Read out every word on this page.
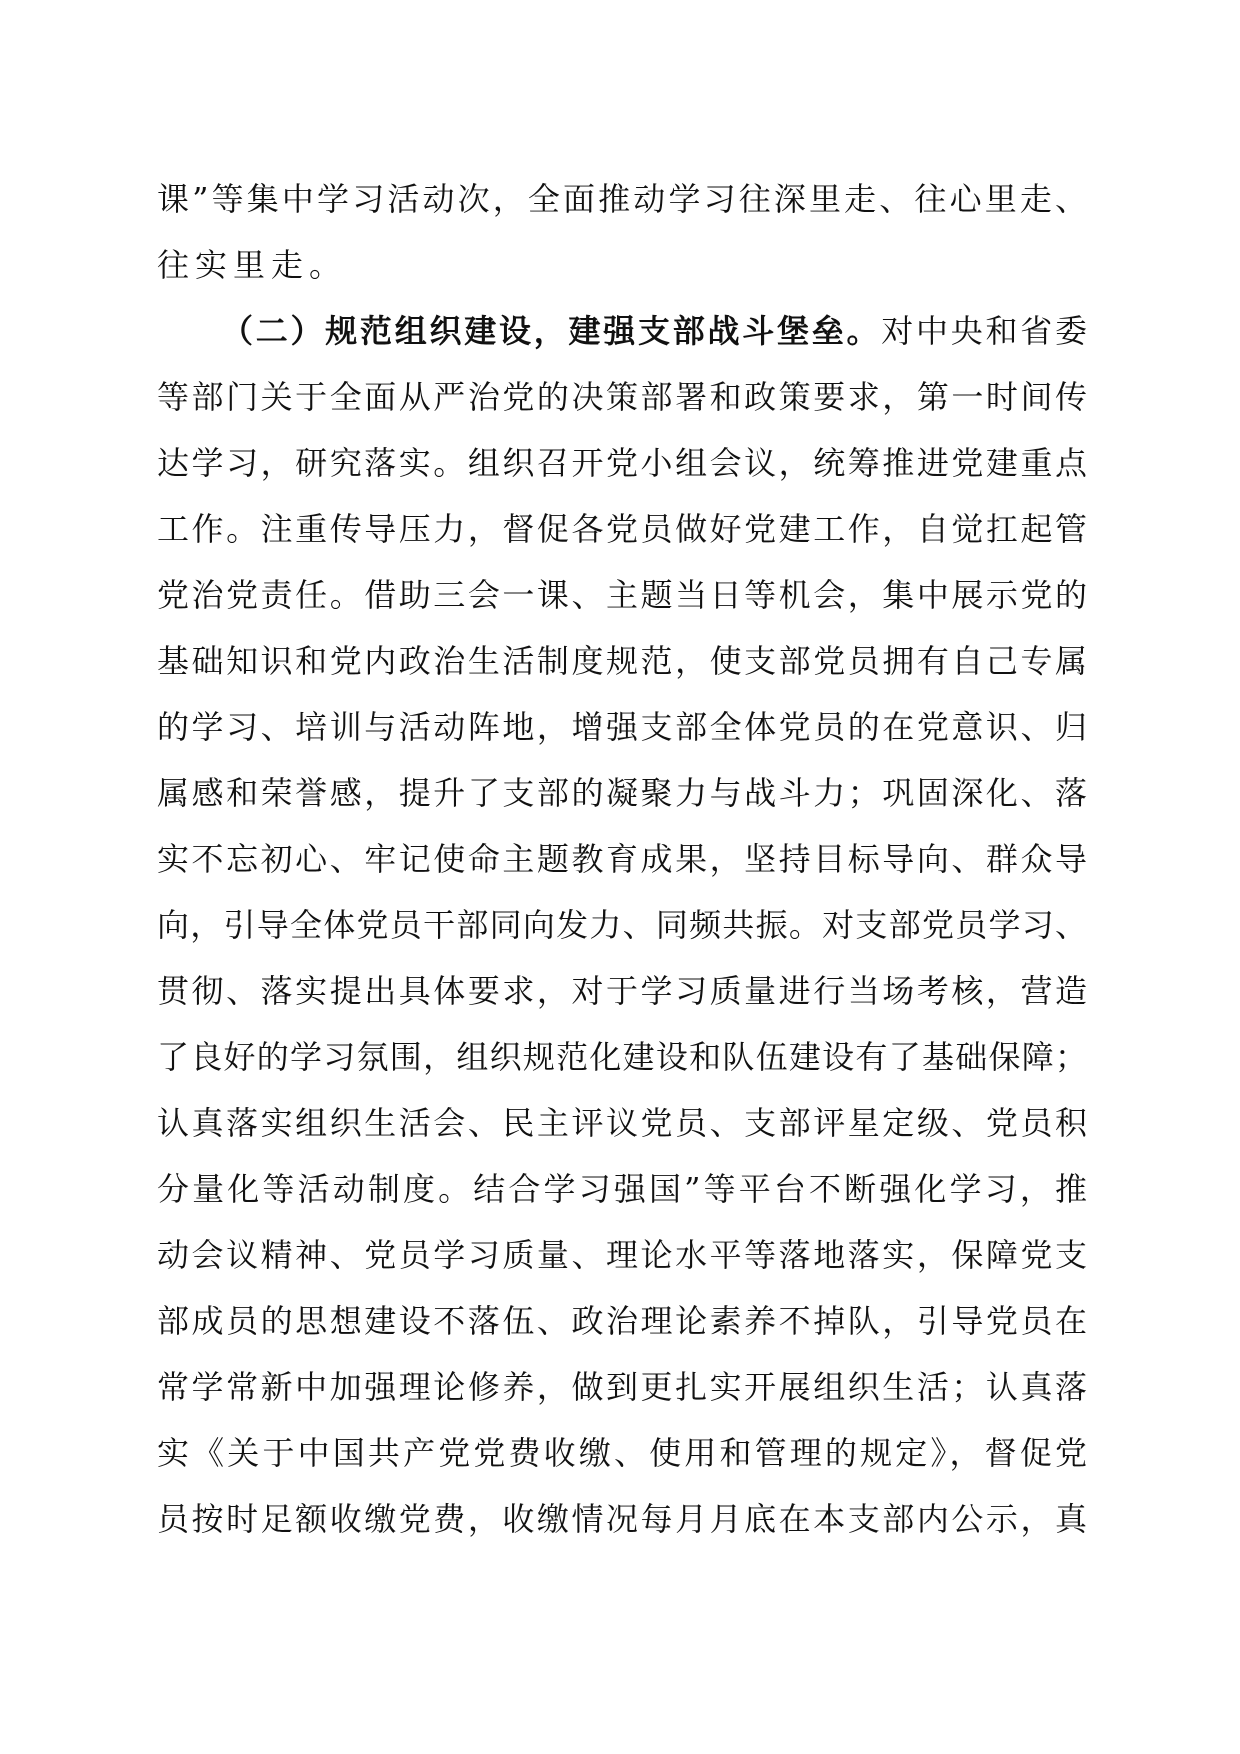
课”等集中学习活动次，全面推动学习往深里走、往心里走、
往实里走。
（二）规范组织建设，建强支部战斗堡垒。对中央和省委
等部门关于全面从严治党的决策部署和政策要求，第一时间传
达学习，研究落实。组织召开党小组会议，统筹推进党建重点
工作。注重传导压力，督促各党员做好党建工作，自觉扛起管
党治党责任。借助三会一课、主题当日等机会，集中展示党的
基础知识和党内政治生活制度规范，使支部党员拥有自己专属
的学习、培训与活动阵地，增强支部全体党员的在党意识、归
属感和荣誉感，提升了支部的凝聚力与战斗力；巩固深化、落
实不忘初心、牢记使命主题教育成果，坚持目标导向、群众导
向，引导全体党员干部同向发力、同频共振。对支部党员学习、
贯彻、落实提出具体要求，对于学习质量进行当场考核，营造
了良好的学习氛围，组织规范化建设和队伍建设有了基础保障；
认真落实组织生活会、民主评议党员、支部评星定级、党员积
分量化等活动制度。结合学习强国”等平台不断强化学习，推
动会议精神、党员学习质量、理论水平等落地落实，保障党支
部成员的思想建设不落伍、政治理论素养不掉队，引导党员在
常学常新中加强理论修养，做到更扎实开展组织生活；认真落
实《关于中国共产党党费收缴、使用和管理的规定》，督促党
员按时足额收缴党费，收缴情况每月月底在本支部内公示，真
